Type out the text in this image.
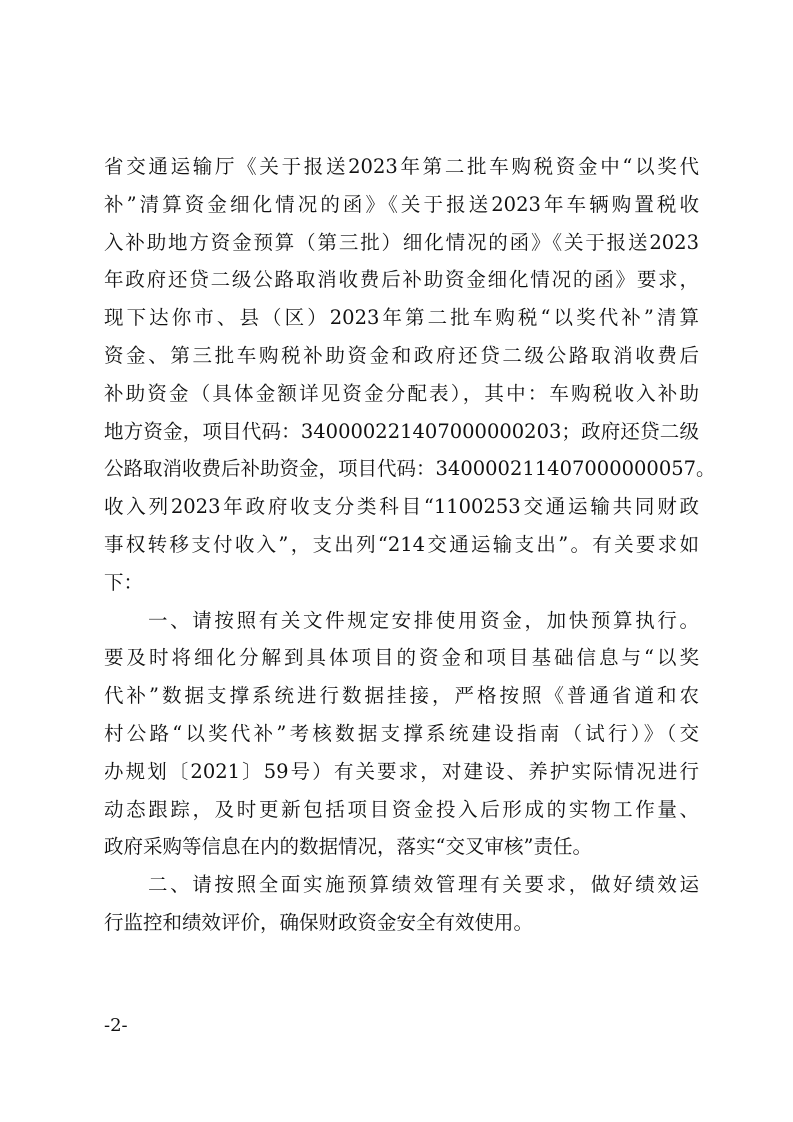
省交通运输厅《关于报送2023年第二批车购税资金中“以奖代
补”清算资金细化情况的函》《关于报送2023年车辆购置税收
入补助地方资金预算（第三批）细化情况的函》《关于报送2023
年政府还贷二级公路取消收费后补助资金细化情况的函》要求，
现下达你市、县（区）2023年第二批车购税“以奖代补”清算
资金、第三批车购税补助资金和政府还贷二级公路取消收费后
补助资金（具体金额详见资金分配表），其中：车购税收入补助
地方资金，项目代码：340000221407000000203；政府还贷二级
公路取消收费后补助资金，项目代码：340000211407000000057。
收入列2023年政府收支分类科目“1100253交通运输共同财政
事权转移支付收入”，支出列“214交通运输支出”。有关要求如
下：
一、请按照有关文件规定安排使用资金，加快预算执行。
要及时将细化分解到具体项目的资金和项目基础信息与“以奖
代补”数据支撑系统进行数据挂接，严格按照《普通省道和农
村公路“以奖代补”考核数据支撑系统建设指南（试行）》（交
办规划〔2021〕59号）有关要求，对建设、养护实际情况进行
动态跟踪，及时更新包括项目资金投入后形成的实物工作量、
政府采购等信息在内的数据情况，落实“交叉审核”责任。
二、请按照全面实施预算绩效管理有关要求，做好绩效运
行监控和绩效评价，确保财政资金安全有效使用。
-2-
